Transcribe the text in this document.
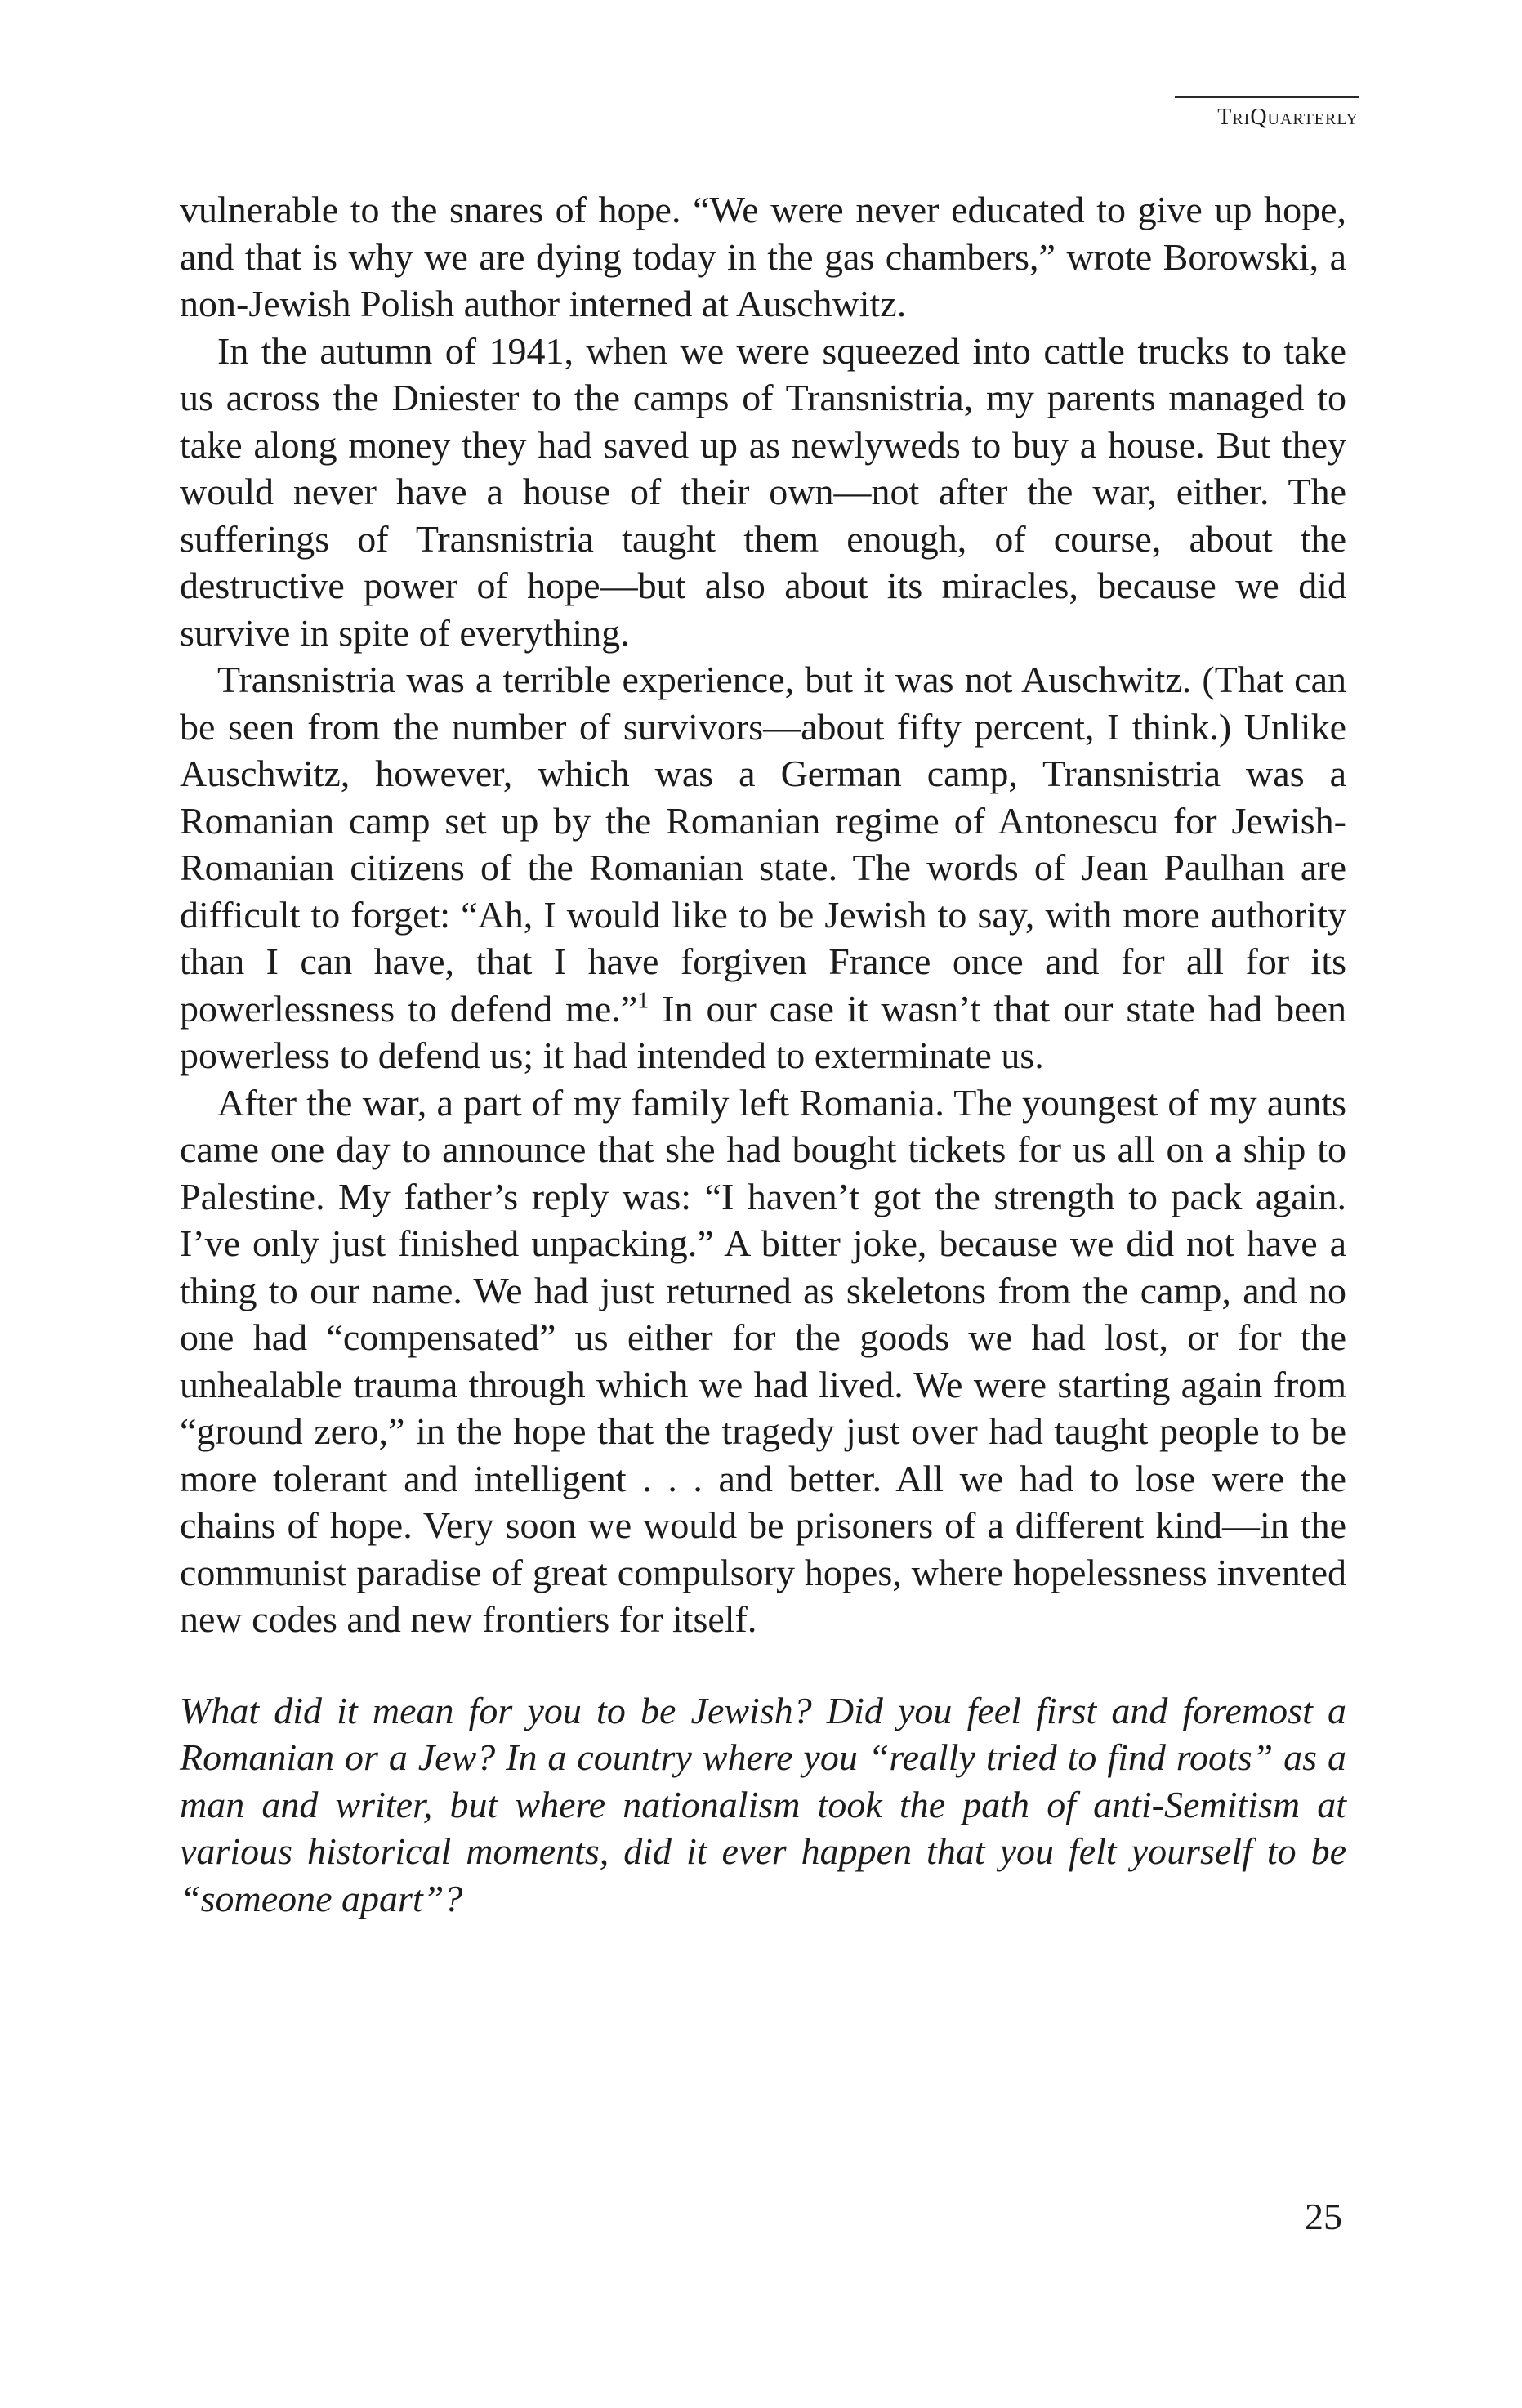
TriQuarterly

vulnerable to the snares of hope. “We were never educated to give up hope, and that is why we are dying today in the gas chambers,” wrote Borowski, a non-Jewish Polish author interned at Auschwitz.

In the autumn of 1941, when we were squeezed into cattle trucks to take us across the Dniester to the camps of Transnistria, my parents managed to take along money they had saved up as newlyweds to buy a house. But they would never have a house of their own—not after the war, either. The sufferings of Transnistria taught them enough, of course, about the destructive power of hope—but also about its miracles, because we did survive in spite of everything.

Transnistria was a terrible experience, but it was not Auschwitz. (That can be seen from the number of survivors—about fifty percent, I think.) Unlike Auschwitz, however, which was a German camp, Transnistria was a Romanian camp set up by the Romanian regime of Antonescu for Jewish-Romanian citizens of the Romanian state. The words of Jean Paulhan are difficult to forget: “Ah, I would like to be Jewish to say, with more authority than I can have, that I have forgiven France once and for all for its powerlessness to defend me.”$^1$ In our case it wasn’t that our state had been powerless to defend us; it had intended to exterminate us.

After the war, a part of my family left Romania. The youngest of my aunts came one day to announce that she had bought tickets for us all on a ship to Palestine. My father’s reply was: “I haven’t got the strength to pack again. I’ve only just finished unpacking.” A bitter joke, because we did not have a thing to our name. We had just returned as skeletons from the camp, and no one had “compensated” us either for the goods we had lost, or for the unhealable trauma through which we had lived. We were starting again from “ground zero,” in the hope that the tragedy just over had taught people to be more tolerant and intelligent . . . and better. All we had to lose were the chains of hope. Very soon we would be prisoners of a different kind—in the communist paradise of great compulsory hopes, where hopelessness invented new codes and new frontiers for itself.

What did it mean for you to be Jewish? Did you feel first and foremost a Romanian or a Jew? In a country where you “really tried to find roots” as a man and writer, but where nationalism took the path of anti-Semitism at various historical moments, did it ever happen that you felt yourself to be “someone apart”?

25
